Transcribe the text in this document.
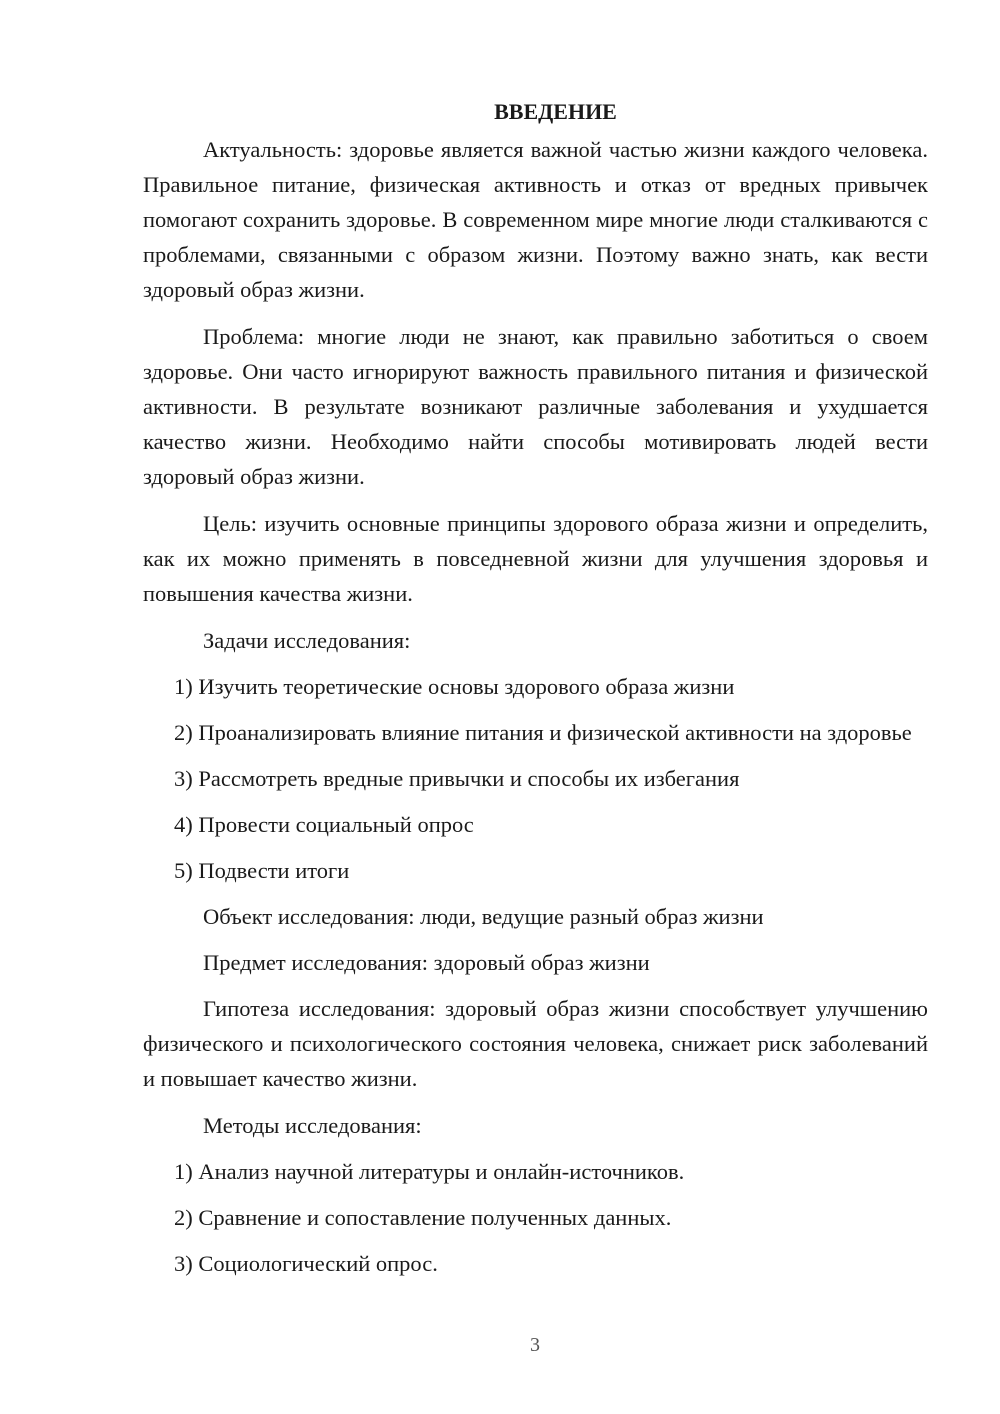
ВВЕДЕНИЕ

Актуальность: здоровье является важной частью жизни каждого человека. Правильное питание, физическая активность и отказ от вредных привычек помогают сохранить здоровье. В современном мире многие люди сталкиваются с проблемами, связанными с образом жизни. Поэтому важно знать, как вести здоровый образ жизни.

Проблема: многие люди не знают, как правильно заботиться о своем здоровье. Они часто игнорируют важность правильного питания и физической активности. В результате возникают различные заболевания и ухудшается качество жизни. Необходимо найти способы мотивировать людей вести здоровый образ жизни.

Цель: изучить основные принципы здорового образа жизни и определить, как их можно применять в повседневной жизни для улучшения здоровья и повышения качества жизни.

Задачи исследования:

1) Изучить теоретические основы здорового образа жизни

2) Проанализировать влияние питания и физической активности на здоровье

3) Рассмотреть вредные привычки и способы их избегания

4) Провести социальный опрос

5) Подвести итоги

Объект исследования: люди, ведущие разный образ жизни

Предмет исследования: здоровый образ жизни

Гипотеза исследования: здоровый образ жизни способствует улучшению физического и психологического состояния человека, снижает риск заболеваний и повышает качество жизни.

Методы исследования:

1) Анализ научной литературы и онлайн-источников.

2) Сравнение и сопоставление полученных данных.

3) Социологический опрос.

3
